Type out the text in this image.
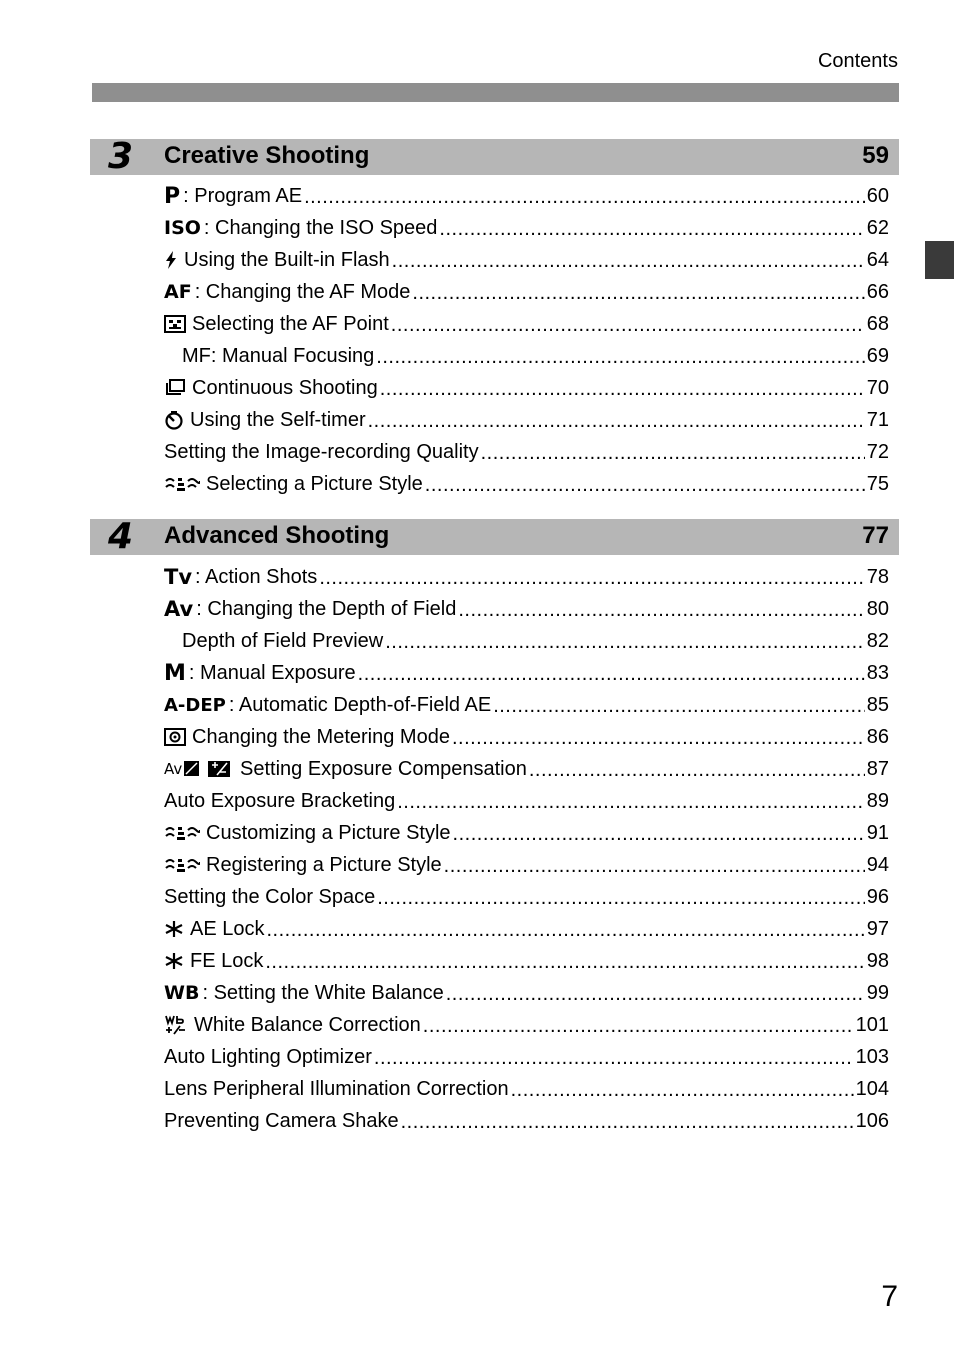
Contents
3 Creative Shooting	59
P : Program AE .....	60
ISO : Changing the ISO Speed .....	62
Using the Built-in Flash .....	64
AF : Changing the AF Mode .....	66
Selecting the AF Point .....	68
MF: Manual Focusing .....	69
Continuous Shooting .....	70
Using the Self-timer .....	71
Setting the Image-recording Quality .....	72
Selecting a Picture Style .....	75
4 Advanced Shooting	77
Tv : Action Shots .....	78
Av : Changing the Depth of Field .....	80
Depth of Field Preview .....	82
M : Manual Exposure .....	83
A-DEP : Automatic Depth-of-Field AE .....	85
Changing the Metering Mode .....	86
Av	Setting Exposure Compensation .....	87
Auto Exposure Bracketing .....	89
Customizing a Picture Style .....	91
Registering a Picture Style .....	94
Setting the Color Space .....	96
AE Lock .....	97
FE Lock .....	98
WB : Setting the White Balance .....	99
White Balance Correction .....	101
Auto Lighting Optimizer .....	103
Lens Peripheral Illumination Correction .....	104
Preventing Camera Shake .....	106
7
